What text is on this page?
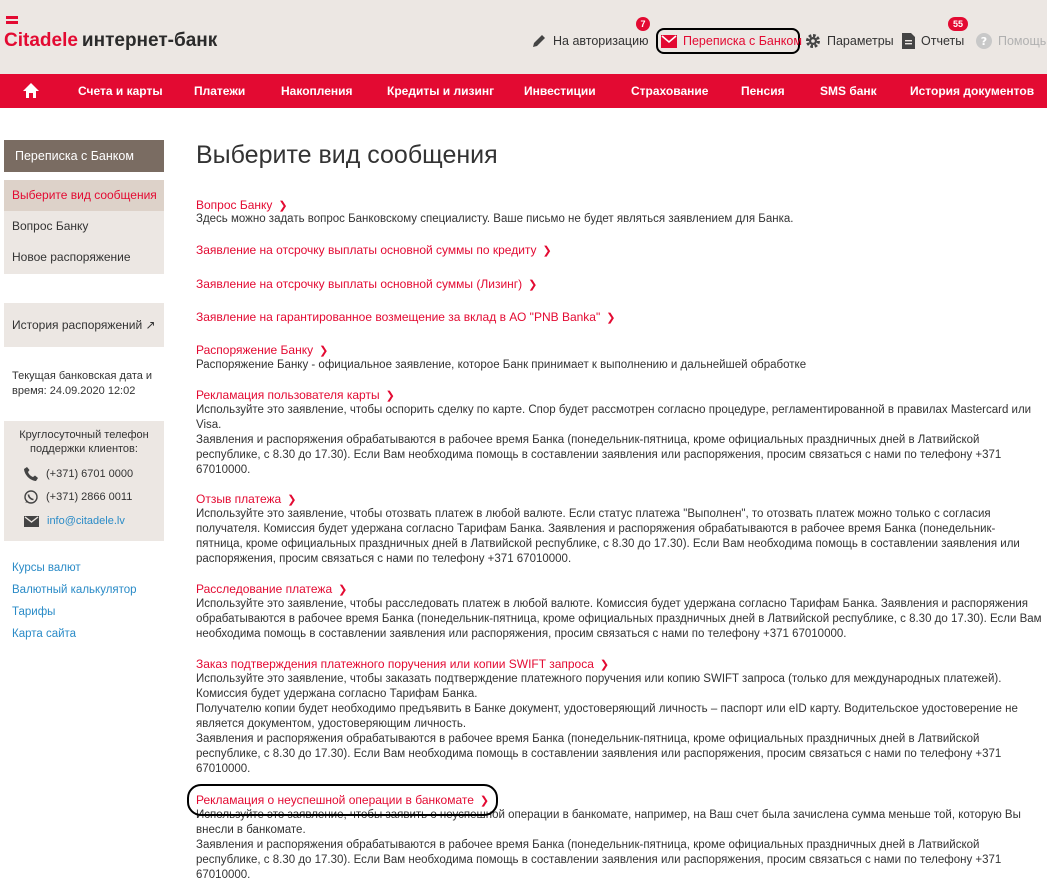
Citadele интернет-банк	На авторизацию
7
Переписка с Банком Параметры
55
Отчеты ? Помощь
Счета и карты	Платежи	Накопления	Кредиты и лизинг Инвестиции	Страхование	Пенсия	SMS банк	История документов
Переписка с Банком
Выберите вид сообщения
Вопрос Банку
Новое распоряжение
История распоряжений ↗
Текущая банковская дата и
время: 24.09.2020 12:02
Круглосуточный телефон поддержки клиентов:
(+371) 6701 0000
(+371) 2866 0011
info@citadele.lv
Курсы валют
Валютный калькулятор
Тарифы
Карта сайта
Выберите вид сообщения
Вопрос Банку ❯
Здесь можно задать вопрос Банковскому специалисту. Ваше письмо не будет являться заявлением для Банка.
Заявление на отсрочку выплаты основной суммы по кредиту ❯
Заявление на отсрочку выплаты основной суммы (Лизинг) ❯
Заявление на гарантированное возмещение за вклад в АО "PNB Banka" ❯
Распоряжение Банку ❯
Распоряжение Банку - официальное заявление, которое Банк принимает к выполнению и дальнейшей обработке
Рекламация пользователя карты ❯
Используйте это заявление, чтобы оспорить сделку по карте. Спор будет рассмотрен согласно процедуре, регламентированной в правилах Mastercard или Visa.
Заявления и распоряжения обрабатываются в рабочее время Банка (понедельник-пятница, кроме официальных праздничных дней в Латвийской республике, с 8.30 до 17.30). Если Вам необходима помощь в составлении заявления или распоряжения, просим связаться с нами по телефону +371 67010000.
Отзыв платежа ❯
Используйте это заявление, чтобы отозвать платеж в любой валюте. Если статус платежа "Выполнен", то отозвать платеж можно только с согласия получателя. Комиссия будет удержана согласно Тарифам Банка. Заявления и распоряжения обрабатываются в рабочее время Банка (понедельник-пятница, кроме официальных праздничных дней в Латвийской республике, с 8.30 до 17.30). Если Вам необходима помощь в составлении заявления или распоряжения, просим связаться с нами по телефону +371 67010000.
Расследование платежа ❯
Используйте это заявление, чтобы расследовать платеж в любой валюте. Комиссия будет удержана согласно Тарифам Банка. Заявления и распоряжения обрабатываются в рабочее время Банка (понедельник-пятница, кроме официальных праздничных дней в Латвийской республике, с 8.30 до 17.30). Если Вам необходима помощь в составлении заявления или распоряжения, просим связаться с нами по телефону +371 67010000.
Заказ подтверждения платежного поручения или копии SWIFT запроса ❯
Используйте это заявление, чтобы заказать подтверждение платежного поручения или копию SWIFT запроса (только для международных платежей). Комиссия будет удержана согласно Тарифам Банка.
Получателю копии будет необходимо предъявить в Банке документ, удостоверяющий личность – паспорт или eID карту. Водительское удостоверение не является документом, удостоверяющим личность.
Заявления и распоряжения обрабатываются в рабочее время Банка (понедельник-пятница, кроме официальных праздничных дней в Латвийской республике, с 8.30 до 17.30). Если Вам необходима помощь в составлении заявления или распоряжения, просим связаться с нами по телефону +371 67010000.
Рекламация о неуспешной операции в банкомате ❯
Используйте это заявление, чтобы заявить о неуспешной операции в банкомате, например, на Ваш счет была зачислена сумма меньше той, которую Вы внесли в банкомате.
Заявления и распоряжения обрабатываются в рабочее время Банка (понедельник-пятница, кроме официальных праздничных дней в Латвийской республике, с 8.30 до 17.30). Если Вам необходима помощь в составлении заявления или распоряжения, просим связаться с нами по телефону +371 67010000.
